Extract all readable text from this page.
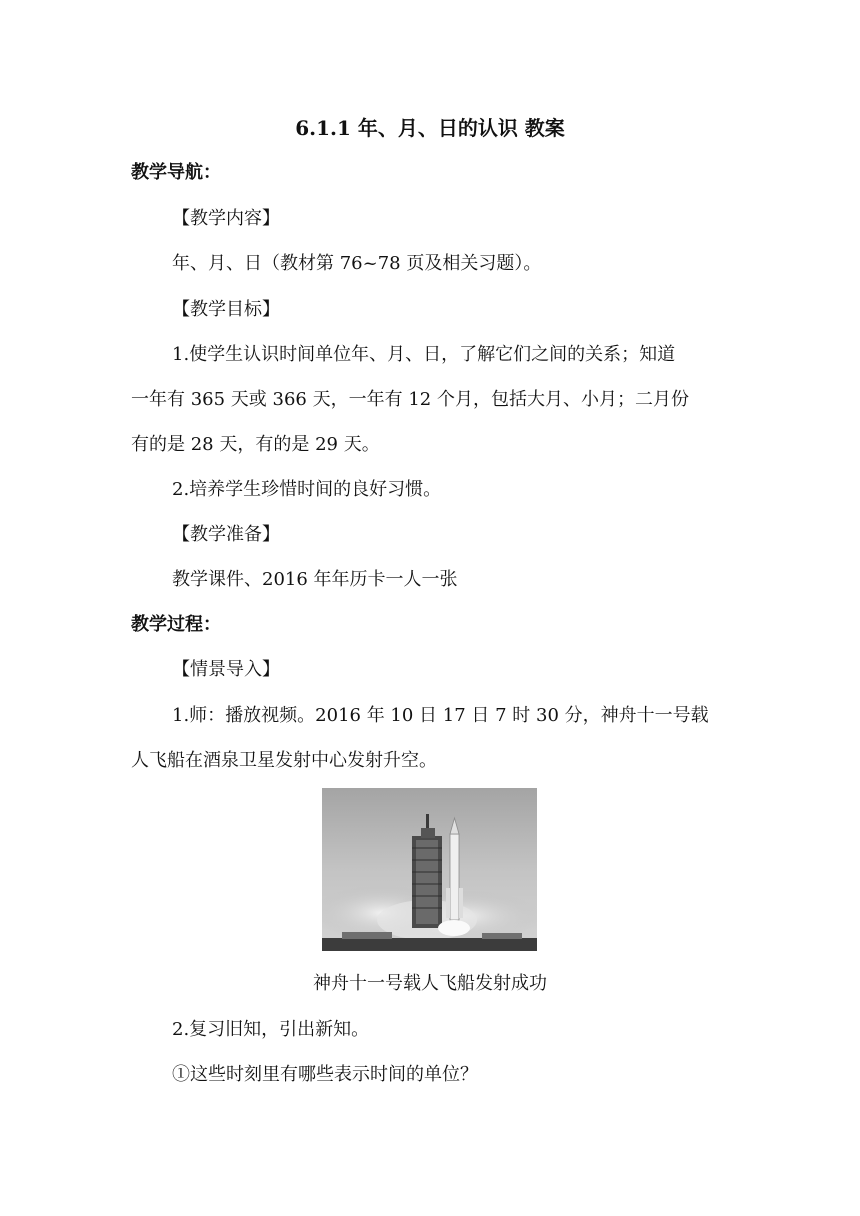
6.1.1 年、月、日的认识 教案
教学导航：
【教学内容】
年、月、日（教材第 76~78 页及相关习题）。
【教学目标】
1.使学生认识时间单位年、月、日，了解它们之间的关系；知道
一年有 365 天或 366 天，一年有 12 个月，包括大月、小月；二月份
有的是 28 天，有的是 29 天。
2.培养学生珍惜时间的良好习惯。
【教学准备】
教学课件、2016 年年历卡一人一张
教学过程：
【情景导入】
1.师：播放视频。2016 年 10 日 17 日 7 时 30 分，神舟十一号载
人飞船在酒泉卫星发射中心发射升空。
神舟十一号载人飞船发射成功
2.复习旧知，引出新知。
①这些时刻里有哪些表示时间的单位？
